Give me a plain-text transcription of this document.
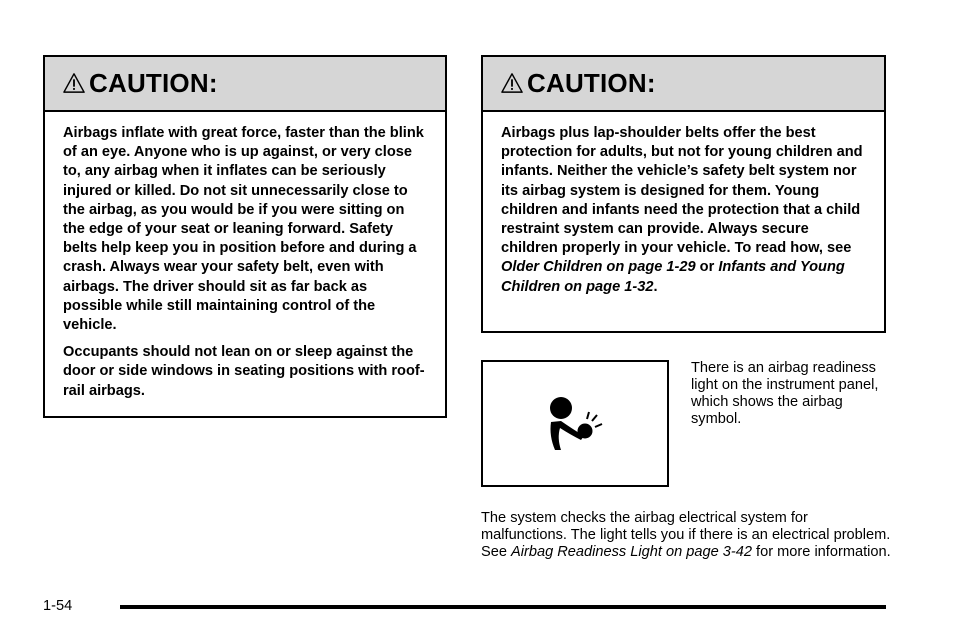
CAUTION:

Airbags inflate with great force, faster than the blink of an eye. Anyone who is up against, or very close to, any airbag when it inflates can be seriously injured or killed. Do not sit unnecessarily close to the airbag, as you would be if you were sitting on the edge of your seat or leaning forward. Safety belts help keep you in position before and during a crash. Always wear your safety belt, even with airbags. The driver should sit as far back as possible while still maintaining control of the vehicle.

Occupants should not lean on or sleep against the door or side windows in seating positions with roof-rail airbags.

CAUTION:

Airbags plus lap-shoulder belts offer the best protection for adults, but not for young children and infants. Neither the vehicle’s safety belt system nor its airbag system is designed for them. Young children and infants need the protection that a child restraint system can provide. Always secure children properly in your vehicle. To read how, see Older Children on page 1-29 or Infants and Young Children on page 1-32.

There is an airbag readiness light on the instrument panel, which shows the airbag symbol.
The system checks the airbag electrical system for malfunctions. The light tells you if there is an electrical problem. See Airbag Readiness Light on page 3-42 for more information.
1-54
